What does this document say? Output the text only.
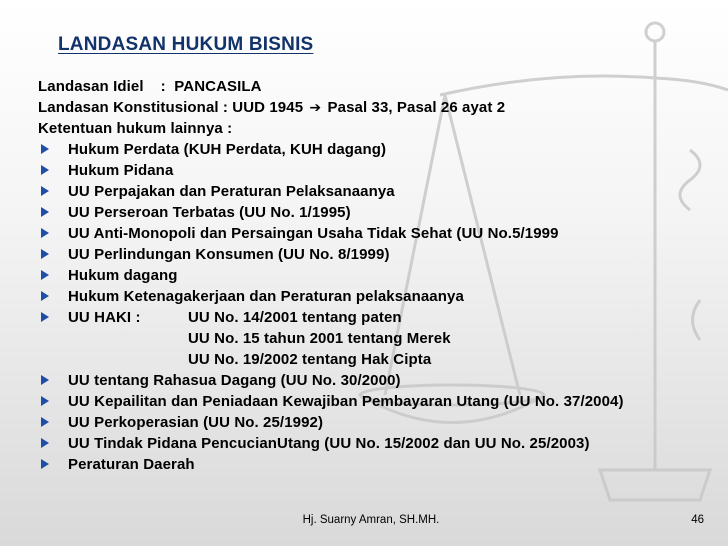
LANDASAN HUKUM BISNIS
Landasan Idiel    :  PANCASILA
Landasan Konstitusional : UUD 1945 ➔ Pasal 33, Pasal 26 ayat 2
Ketentuan hukum lainnya :
Hukum Perdata (KUH Perdata, KUH dagang)
Hukum Pidana
UU Perpajakan dan Peraturan Pelaksanaanya
UU Perseroan Terbatas (UU No. 1/1995)
UU Anti-Monopoli dan Persaingan Usaha Tidak Sehat (UU No.5/1999
UU Perlindungan Konsumen (UU No. 8/1999)
Hukum dagang
Hukum Ketenagakerjaan dan Peraturan pelaksanaanya
UU HAKI :	UU No. 14/2001 tentang paten
UU No. 15 tahun 2001 tentang Merek
UU No. 19/2002 tentang Hak Cipta
UU tentang Rahasua Dagang (UU No. 30/2000)
UU Kepailitan dan Peniadaan Kewajiban Pembayaran Utang (UU No. 37/2004)
UU Perkoperasian (UU No. 25/1992)
UU Tindak Pidana PencucianUtang (UU No. 15/2002 dan UU No. 25/2003)
Peraturan Daerah
Hj. Suarny Amran, SH.MH.	46
